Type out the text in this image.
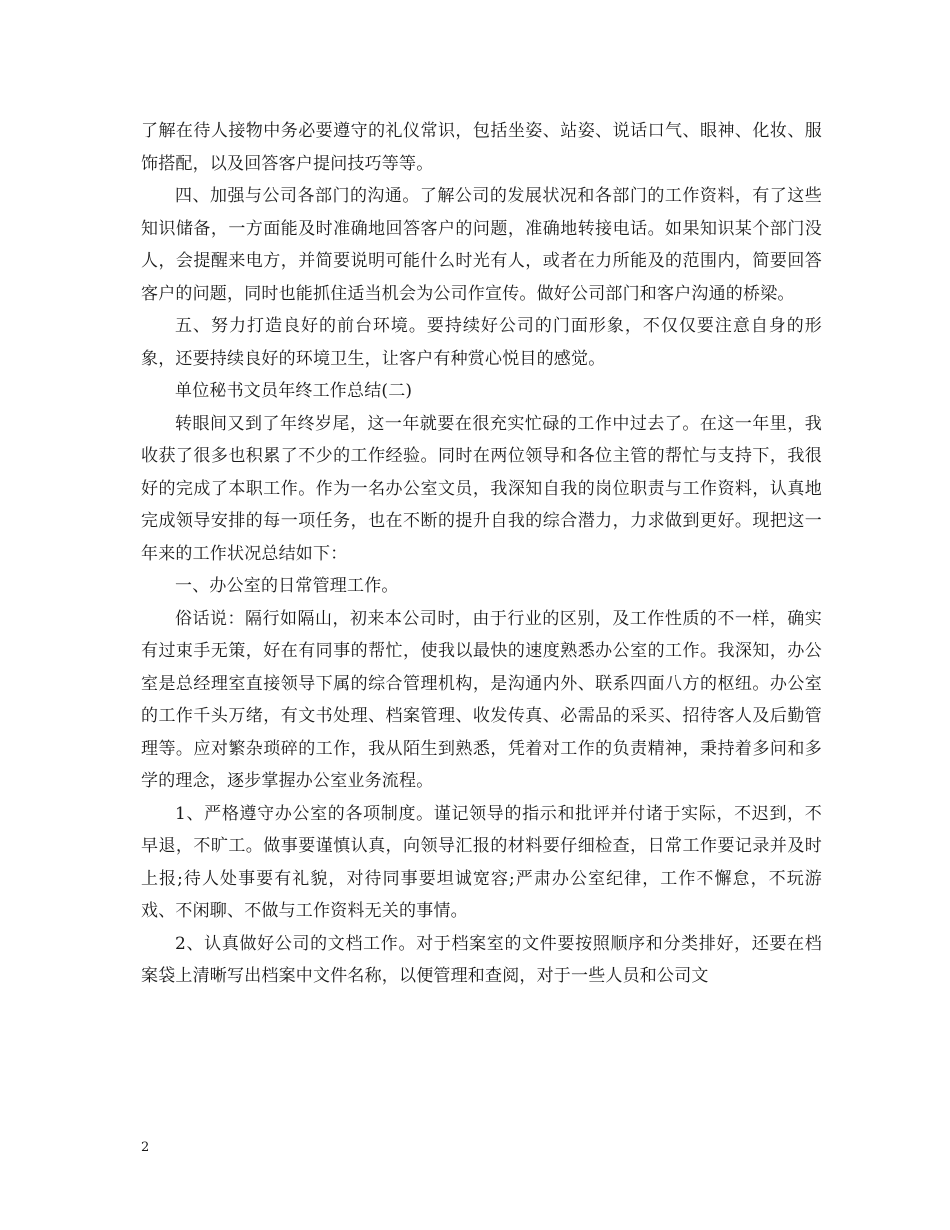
了解在待人接物中务必要遵守的礼仪常识，包括坐姿、站姿、说话口气、眼神、化妆、服饰搭配，以及回答客户提问技巧等等。

四、加强与公司各部门的沟通。了解公司的发展状况和各部门的工作资料，有了这些知识储备，一方面能及时准确地回答客户的问题，准确地转接电话。如果知识某个部门没人，会提醒来电方，并简要说明可能什么时光有人，或者在力所能及的范围内，简要回答客户的问题，同时也能抓住适当机会为公司作宣传。做好公司部门和客户沟通的桥梁。

五、努力打造良好的前台环境。要持续好公司的门面形象，不仅仅要注意自身的形象，还要持续良好的环境卫生，让客户有种赏心悦目的感觉。

单位秘书文员年终工作总结(二)

转眼间又到了年终岁尾，这一年就要在很充实忙碌的工作中过去了。在这一年里，我收获了很多也积累了不少的工作经验。同时在两位领导和各位主管的帮忙与支持下，我很好的完成了本职工作。作为一名办公室文员，我深知自我的岗位职责与工作资料，认真地完成领导安排的每一项任务，也在不断的提升自我的综合潜力，力求做到更好。现把这一年来的工作状况总结如下：

一、办公室的日常管理工作。

俗话说：隔行如隔山，初来本公司时，由于行业的区别，及工作性质的不一样，确实有过束手无策，好在有同事的帮忙，使我以最快的速度熟悉办公室的工作。我深知，办公室是总经理室直接领导下属的综合管理机构，是沟通内外、联系四面八方的枢纽。办公室的工作千头万绪，有文书处理、档案管理、收发传真、必需品的采买、招待客人及后勤管理等。应对繁杂琐碎的工作，我从陌生到熟悉，凭着对工作的负责精神，秉持着多问和多学的理念，逐步掌握办公室业务流程。

1、严格遵守办公室的各项制度。谨记领导的指示和批评并付诸于实际，不迟到，不早退，不旷工。做事要谨慎认真，向领导汇报的材料要仔细检查，日常工作要记录并及时上报;待人处事要有礼貌，对待同事要坦诚宽容;严肃办公室纪律，工作不懈怠，不玩游戏、不闲聊、不做与工作资料无关的事情。

2、认真做好公司的文档工作。对于档案室的文件要按照顺序和分类排好，还要在档案袋上清晰写出档案中文件名称，以便管理和查阅，对于一些人员和公司文

2
